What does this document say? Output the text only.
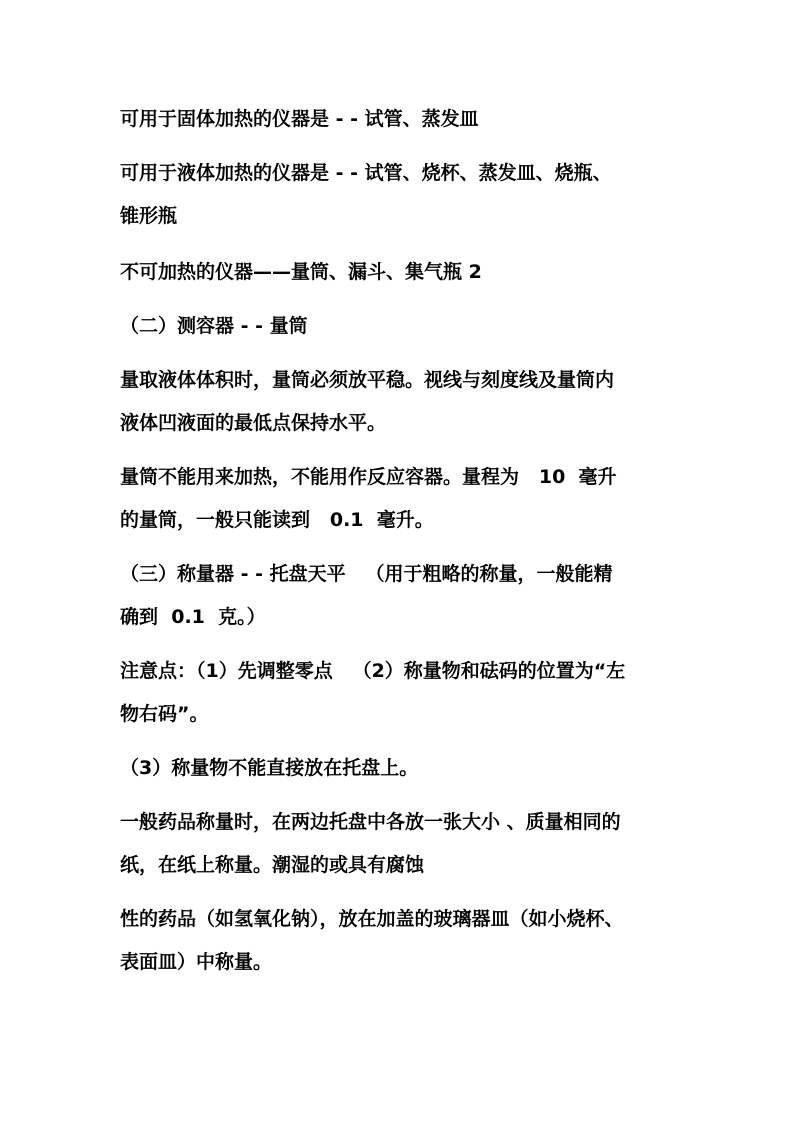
可用于固体加热的仪器是 - - 试管、蒸发皿
可用于液体加热的仪器是 - - 试管、烧杯、蒸发皿、烧瓶、
锥形瓶
不可加热的仪器——量筒、漏斗、集气瓶 2
（二）测容器 - - 量筒
量取液体体积时，量筒必须放平稳。视线与刻度线及量筒内
液体凹液面的最低点保持水平。
量筒不能用来加热，不能用作反应容器。量程为   10  毫升
的量筒，一般只能读到   0.1  毫升。
（三）称量器 - - 托盘天平   （用于粗略的称量，一般能精
确到  0.1  克。）
注意点：（1）先调整零点   （2）称量物和砝码的位置为“左
物右码”。
（3）称量物不能直接放在托盘上。
一般药品称量时，在两边托盘中各放一张大小 、质量相同的
纸，在纸上称量。潮湿的或具有腐蚀
性的药品（如氢氧化钠），放在加盖的玻璃器皿（如小烧杯、
表面皿）中称量。
